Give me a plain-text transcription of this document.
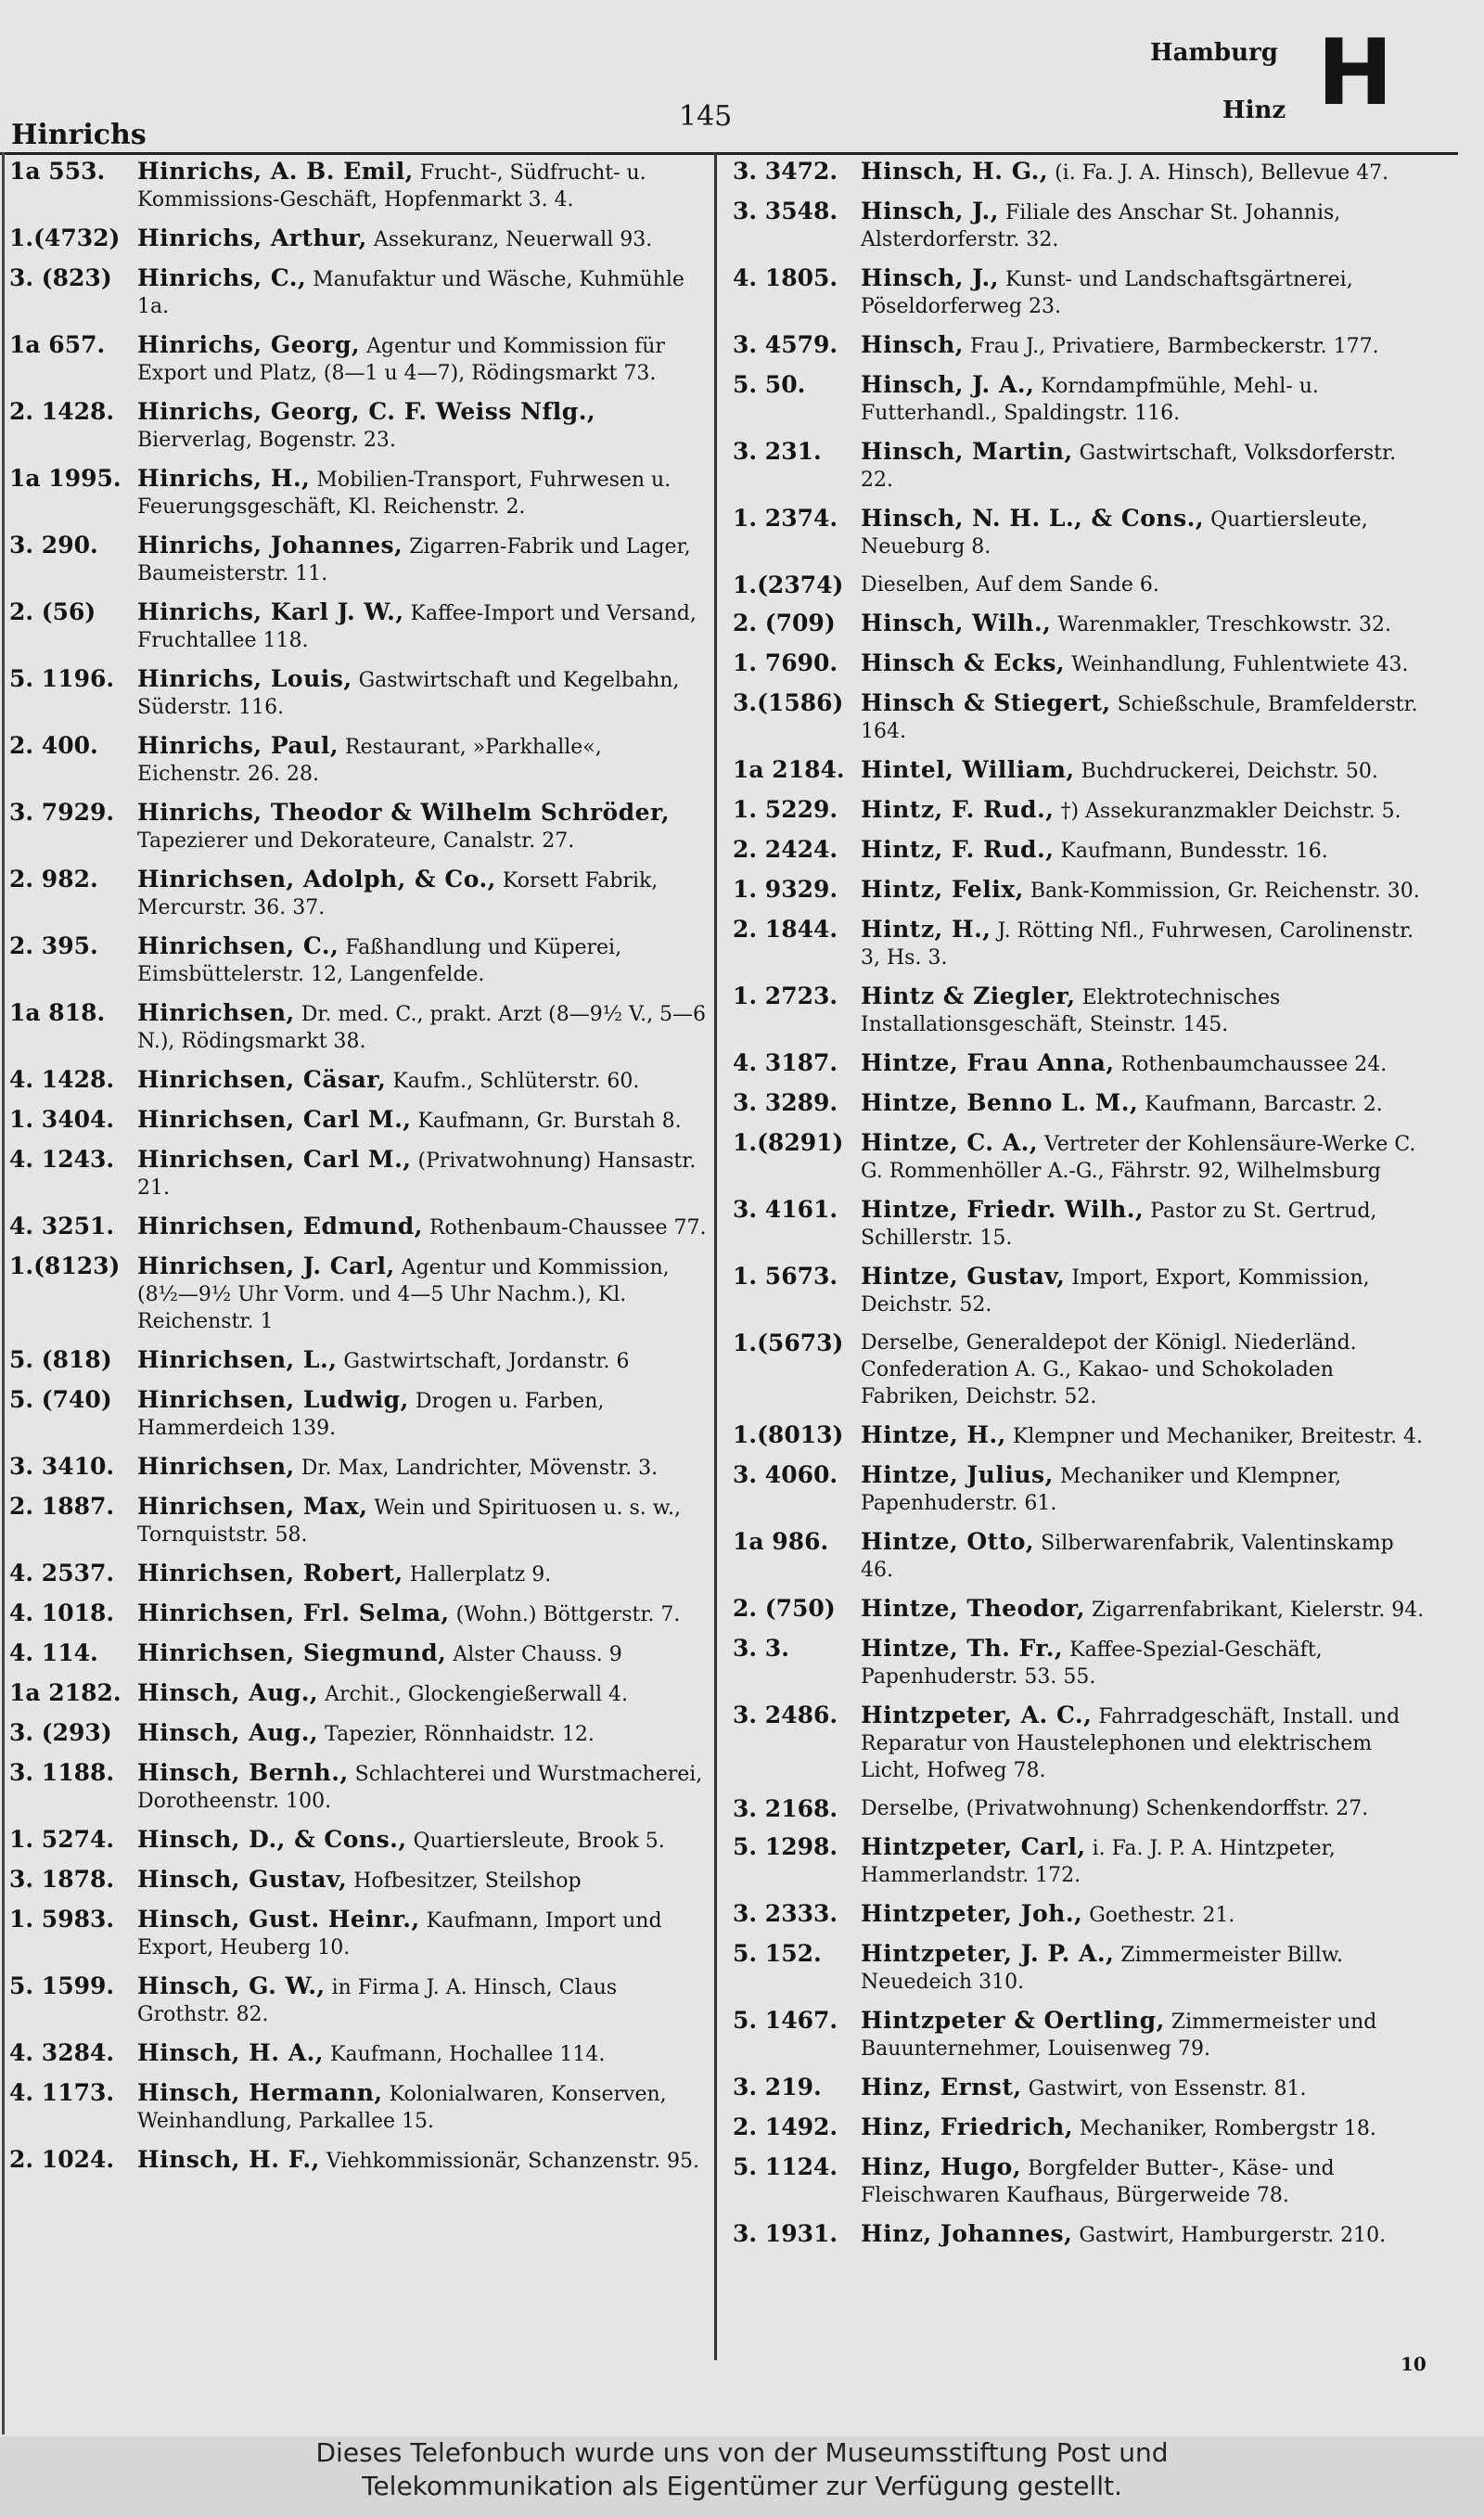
Hinrichs
145
Hamburg
Hinz H
1a 553.	Hinrichs, A. B. Emil, Frucht-, Südfrucht- u. Kommissions-Geschäft, Hopfenmarkt 3. 4.
1.(4732) Hinrichs, Arthur, Assekuranz, Neuerwall 93.
3. (823)	Hinrichs, C., Manufaktur und Wäsche, Kuhmühle 1a.
1a 657.	Hinrichs, Georg, Agentur und Kommission für Export und Platz, (8—1 u 4—7), Rödingsmarkt 73.
2. 1428. Hinrichs, Georg, C. F. Weiss Nflg., Bierverlag, Bogenstr. 23.
1a 1995. Hinrichs, H., Mobilien-Transport, Fuhrwesen u. Feuerungsgeschäft, Kl. Reichenstr. 2.
3. 290.	Hinrichs, Johannes, Zigarren-Fabrik und Lager, Baumeisterstr. 11.
2. (56)	Hinrichs, Karl J. W., Kaffee-Import und Versand, Fruchtallee 118.
5. 1196. Hinrichs, Louis, Gastwirtschaft und Kegelbahn, Süderstr. 116.
2. 400.	Hinrichs, Paul, Restaurant, »Parkhalle«, Eichenstr. 26. 28.
3. 7929. Hinrichs, Theodor & Wilhelm Schröder, Tapezierer und Dekorateure, Canalstr. 27.
2. 982.	Hinrichsen, Adolph, & Co., Korsett Fabrik, Mercurstr. 36. 37.
2. 395.	Hinrichsen, C., Faßhandlung und Küperei, Eimsbüttelerstr. 12, Langenfelde.
1a 818.	Hinrichsen, Dr. med. C., prakt. Arzt (8—9½ V., 5—6 N.), Rödingsmarkt 38.
4. 1428. Hinrichsen, Cäsar, Kaufm., Schlüterstr. 60.
1. 3404. Hinrichsen, Carl M., Kaufmann, Gr. Burstah 8.
4. 1243. Hinrichsen, Carl M., (Privatwohnung) Hansastr. 21.
4. 3251. Hinrichsen, Edmund, Rothenbaum-Chaussee 77.
1.(8123) Hinrichsen, J. Carl, Agentur und Kommission, (8½—9½ Uhr Vorm. und 4—5 Uhr Nachm.), Kl. Reichenstr. 1
5. (818)	Hinrichsen, L., Gastwirtschaft, Jordanstr. 6
5. (740)	Hinrichsen, Ludwig, Drogen u. Farben, Hammerdeich 139.
3. 3410. Hinrichsen, Dr. Max, Landrichter, Mövenstr. 3.
2. 1887. Hinrichsen, Max, Wein und Spirituosen u. s. w., Tornquiststr. 58.
4. 2537. Hinrichsen, Robert, Hallerplatz 9.
4. 1018. Hinrichsen, Frl. Selma, (Wohn.) Böttgerstr. 7.
4. 114.	Hinrichsen, Siegmund, Alster Chauss. 9
1a 2182. Hinsch, Aug., Archit., Glockengießerwall 4.
3. (293)	Hinsch, Aug., Tapezier, Rönnhaidstr. 12.
3. 1188. Hinsch, Bernh., Schlachterei und Wurstmacherei, Dorotheenstr. 100.
1. 5274. Hinsch, D., & Cons., Quartiersleute, Brook 5.
3. 1878. Hinsch, Gustav, Hofbesitzer, Steilshop
1. 5983. Hinsch, Gust. Heinr., Kaufmann, Import und Export, Heuberg 10.
5. 1599. Hinsch, G. W., in Firma J. A. Hinsch, Claus Grothstr. 82.
4. 3284. Hinsch, H. A., Kaufmann, Hochallee 114.
4. 1173. Hinsch, Hermann, Kolonialwaren, Konserven, Weinhandlung, Parkallee 15.
2. 1024. Hinsch, H. F., Viehkommissionär, Schanzenstr. 95.
3. 3472. Hinsch, H. G., (i. Fa. J. A. Hinsch), Bellevue 47.
3. 3548. Hinsch, J., Filiale des Anschar St. Johannis, Alsterdorferstr. 32.
4. 1805. Hinsch, J., Kunst- und Landschaftsgärtnerei, Pöseldorferweg 23.
3. 4579. Hinsch, Frau J., Privatiere, Barmbeckerstr. 177.
5. 50.	Hinsch, J. A., Korndampfmühle, Mehl- u. Futterhandl., Spaldingstr. 116.
3. 231.	Hinsch, Martin, Gastwirtschaft, Volksdorferstr. 22.
1. 2374. Hinsch, N. H. L., & Cons., Quartiersleute, Neueburg 8.
1.(2374) Dieselben, Auf dem Sande 6.
2. (709)	Hinsch, Wilh., Warenmakler, Treschkowstr. 32.
1. 7690. Hinsch & Ecks, Weinhandlung, Fuhlentwiete 43.
3.(1586) Hinsch & Stiegert, Schießschule, Bramfelderstr. 164.
1a 2184. Hintel, William, Buchdruckerei, Deichstr. 50.
1. 5229. Hintz, F. Rud., †) Assekuranzmakler Deichstr. 5.
2. 2424. Hintz, F. Rud., Kaufmann, Bundesstr. 16.
1. 9329. Hintz, Felix, Bank-Kommission, Gr. Reichenstr. 30.
2. 1844. Hintz, H., J. Rötting Nfl., Fuhrwesen, Carolinenstr. 3, Hs. 3.
1. 2723. Hintz & Ziegler, Elektrotechnisches Installationsgeschäft, Steinstr. 145.
4. 3187. Hintze, Frau Anna, Rothenbaumchaussee 24.
3. 3289. Hintze, Benno L. M., Kaufmann, Barcastr. 2.
1.(8291) Hintze, C. A., Vertreter der Kohlensäure-Werke C. G. Rommenhöller A.-G., Fährstr. 92, Wilhelmsburg
3. 4161. Hintze, Friedr. Wilh., Pastor zu St. Gertrud, Schillerstr. 15.
1. 5673. Hintze, Gustav, Import, Export, Kommission, Deichstr. 52.
1.(5673) Derselbe, Generaldepot der Königl. Niederländ. Confederation A. G., Kakao- und Schokoladen Fabriken, Deichstr. 52.
1.(8013) Hintze, H., Klempner und Mechaniker, Breitestr. 4.
3. 4060. Hintze, Julius, Mechaniker und Klempner, Papenhuderstr. 61.
1a 986.	Hintze, Otto, Silberwarenfabrik, Valentinskamp 46.
2. (750)	Hintze, Theodor, Zigarrenfabrikant, Kielerstr. 94.
3. 3.	Hintze, Th. Fr., Kaffee-Spezial-Geschäft, Papenhuderstr. 53. 55.
3. 2486. Hintzpeter, A. C., Fahrradgeschäft, Install. und Reparatur von Haustelephonen und elektrischem Licht, Hofweg 78.
3. 2168.	Derselbe, (Privatwohnung) Schenkendorffstr. 27.
5. 1298. Hintzpeter, Carl, i. Fa. J. P. A. Hintzpeter, Hammerlandstr. 172.
3. 2333. Hintzpeter, Joh., Goethestr. 21.
5. 152.	Hintzpeter, J. P. A., Zimmermeister Billw. Neuedeich 310.
5. 1467. Hintzpeter & Oertling, Zimmermeister und Bauunternehmer, Louisenweg 79.
3. 219.	Hinz, Ernst, Gastwirt, von Essenstr. 81.
2. 1492. Hinz, Friedrich, Mechaniker, Rombergstr 18.
5. 1124. Hinz, Hugo, Borgfelder Butter-, Käse- und Fleischwaren Kaufhaus, Bürgerweide 78.
3. 1931. Hinz, Johannes, Gastwirt, Hamburgerstr. 210.
10
Dieses Telefonbuch wurde uns von der Museumsstiftung Post und
Telekommunikation als Eigentümer zur Verfügung gestellt.
